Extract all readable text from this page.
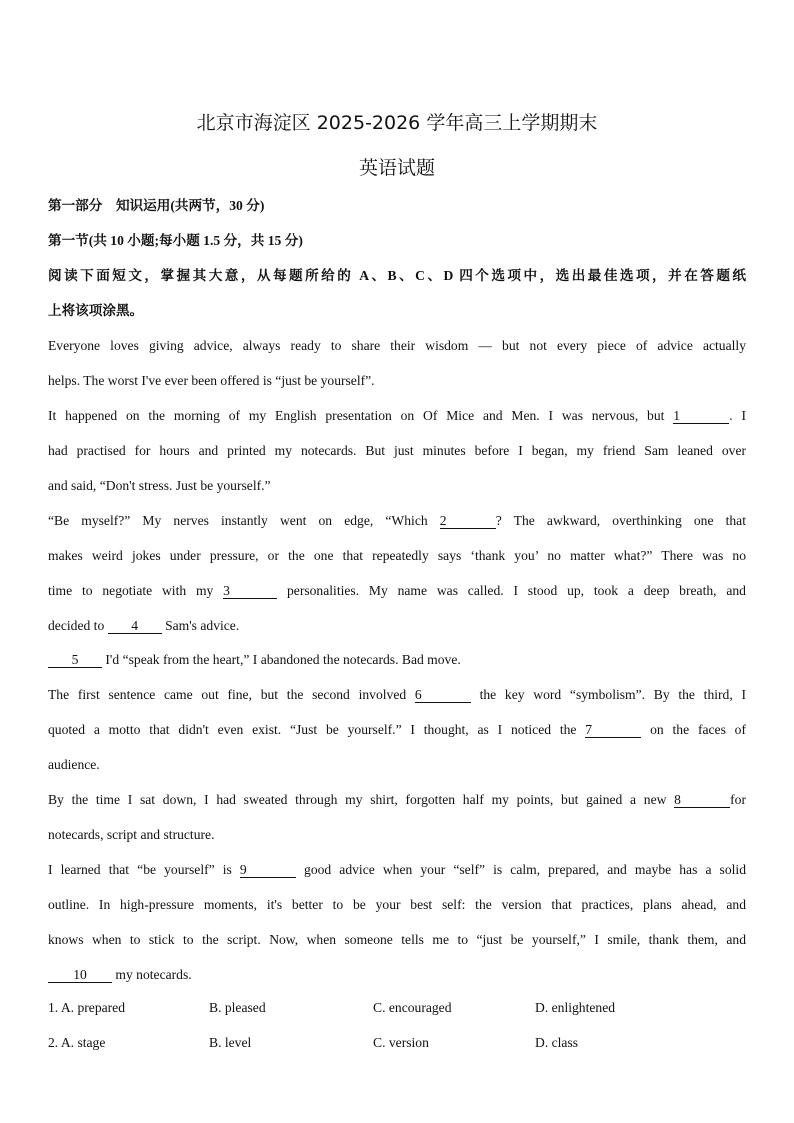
北京市海淀区 2025-2026 学年高三上学期期末
英语试题
第一部分　知识运用(共两节，30 分)
第一节(共 10 小题;每小题 1.5 分，共 15 分)
阅读下面短文，掌握其大意，从每题所给的 A、B、C、D 四个选项中，选出最佳选项，并在答题纸
上将该项涂黑。
Everyone loves giving advice, always ready to share their wisdom — but not every piece of advice actually
helps. The worst I've ever been offered is “just be yourself”.
It happened on the morning of my English presentation on Of Mice and Men. I was nervous, but 1	. I
had practised for hours and printed my notecards. But just minutes before I began, my friend Sam leaned over
and said, “Don't stress. Just be yourself.”
“Be myself?” My nerves instantly went on edge, “Which 2	? The awkward, overthinking one that
makes weird jokes under pressure, or the one that repeatedly says ‘thank you’ no matter what?” There was no
time to negotiate with my 3	personalities. My name was called. I stood up, took a deep breath, and
decided to 4 Sam's advice.
5 I'd “speak from the heart,” I abandoned the notecards. Bad move.
The first sentence came out fine, but the second involved 6	the key word “symbolism”. By the third, I
quoted a motto that didn't even exist. “Just be yourself.” I thought, as I noticed the 7	on the faces of
audience.
By the time I sat down, I had sweated through my shirt, forgotten half my points, but gained a new 8	for
notecards, script and structure.
I learned that “be yourself” is 9	good advice when your “self” is calm, prepared, and maybe has a solid
outline. In high-pressure moments, it's better to be your best self: the version that practices, plans ahead, and
knows when to stick to the script. Now, when someone tells me to “just be yourself,” I smile, thank them, and
10 my notecards.
1. A. prepared	B. pleased	C. encouraged	D. enlightened
2. A. stage	B. level	C. version	D. class
